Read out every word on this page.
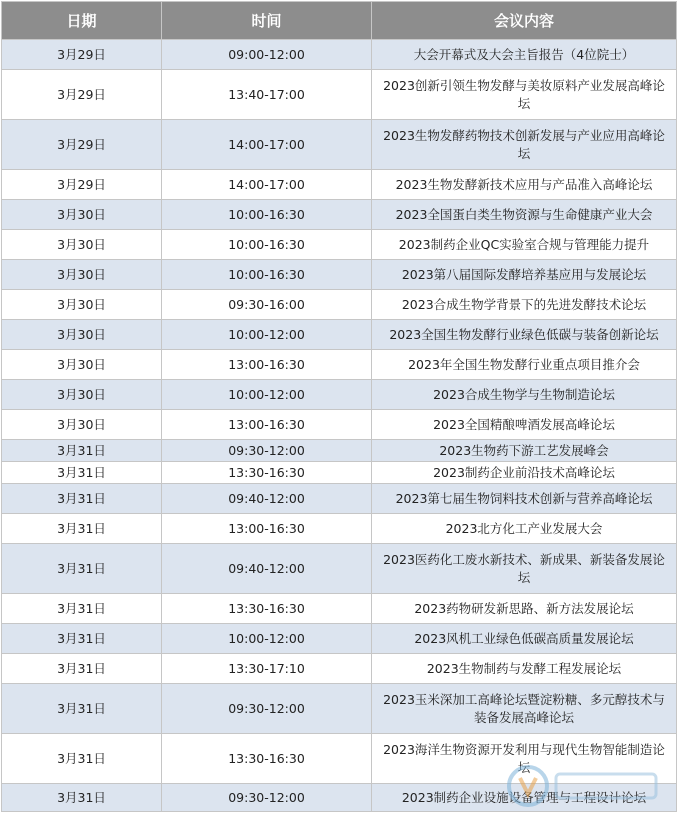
日期	时间	会议内容
3月29日	09:00-12:00	大会开幕式及大会主旨报告（4位院士）
3月29日	13:40-17:00	2023创新引领生物发酵与美妆原料产业发展高峰论坛
3月29日	14:00-17:00	2023生物发酵药物技术创新发展与产业应用高峰论坛
3月29日	14:00-17:00	2023生物发酵新技术应用与产品准入高峰论坛
3月30日	10:00-16:30	2023全国蛋白类生物资源与生命健康产业大会
3月30日	10:00-16:30	2023制药企业QC实验室合规与管理能力提升
3月30日	10:00-16:30	2023第八届国际发酵培养基应用与发展论坛
3月30日	09:30-16:00	2023合成生物学背景下的先进发酵技术论坛
3月30日	10:00-12:00	2023全国生物发酵行业绿色低碳与装备创新论坛
3月30日	13:00-16:30	2023年全国生物发酵行业重点项目推介会
3月30日	10:00-12:00	2023合成生物学与生物制造论坛
3月30日	13:00-16:30	2023全国精酿啤酒发展高峰论坛
3月31日	09:30-12:00	2023生物药下游工艺发展峰会
3月31日	13:30-16:30	2023制药企业前沿技术高峰论坛
3月31日	09:40-12:00	2023第七届生物饲料技术创新与营养高峰论坛
3月31日	13:00-16:30	2023北方化工产业发展大会
3月31日	09:40-12:00	2023医药化工废水新技术、新成果、新装备发展论坛
3月31日	13:30-16:30	2023药物研发新思路、新方法发展论坛
3月31日	10:00-12:00	2023风机工业绿色低碳高质量发展论坛
3月31日	13:30-17:10	2023生物制药与发酵工程发展论坛
3月31日	09:30-12:00	2023玉米深加工高峰论坛暨淀粉糖、多元醇技术与装备发展高峰论坛
3月31日	13:30-16:30	2023海洋生物资源开发利用与现代生物智能制造论坛
3月31日	09:30-12:00	2023制药企业设施设备管理与工程设计论坛
